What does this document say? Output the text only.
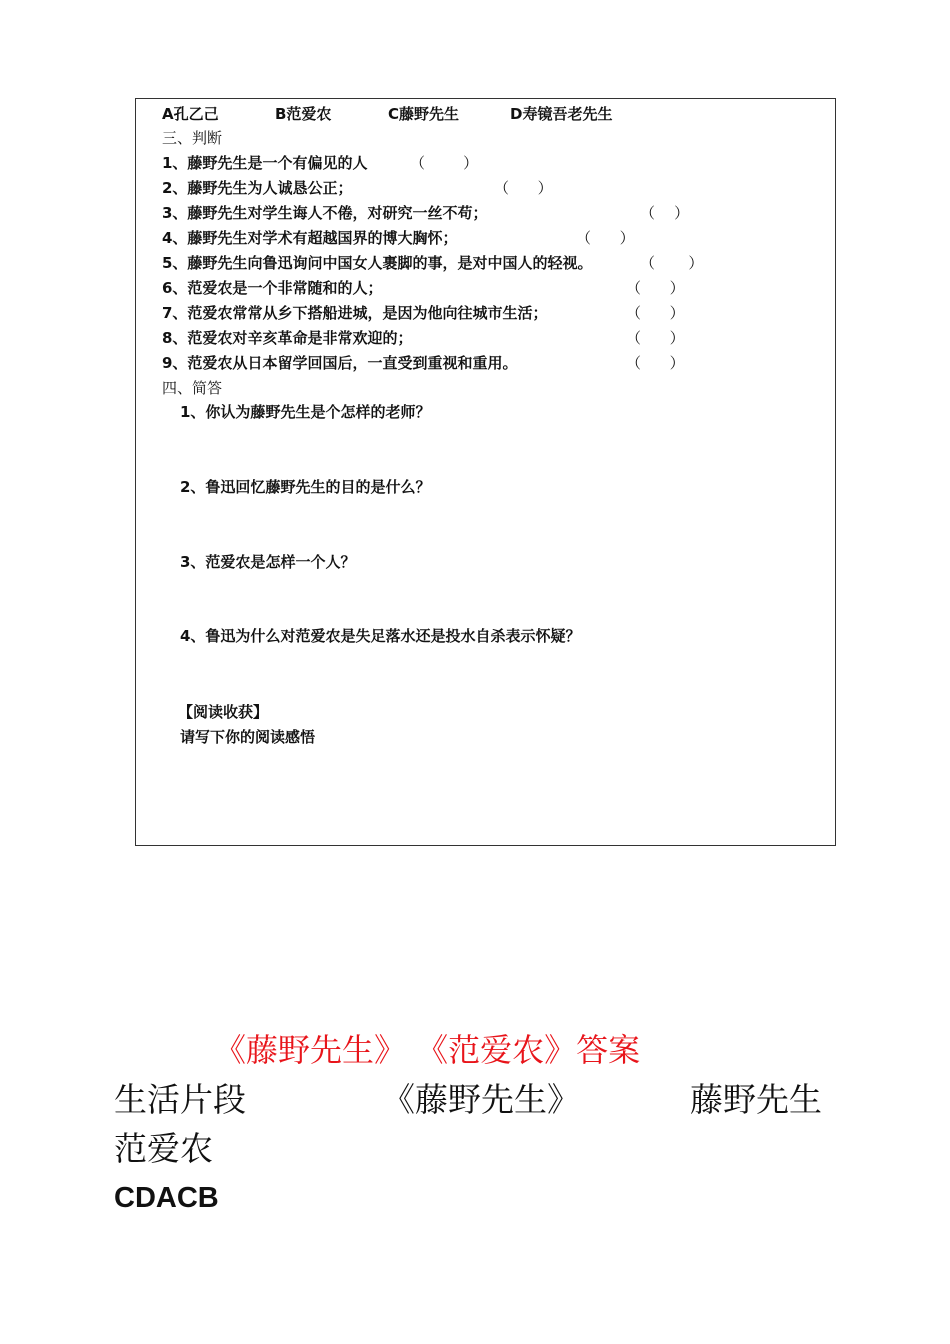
A孔乙己	B范爱农	C藤野先生	D寿镜吾老先生
三、判断
1、藤野先生是一个有偏见的人	（        ）
2、藤野先生为人诚恳公正；	（      ）
3、藤野先生对学生诲人不倦，对研究一丝不苟；	（    ）
4、藤野先生对学术有超越国界的博大胸怀；	（      ）
5、藤野先生向鲁迅询问中国女人裹脚的事，是对中国人的轻视。	（       ）
6、范爱农是一个非常随和的人；	（      ）
7、范爱农常常从乡下搭船进城，是因为他向往城市生活；	（      ）
8、范爱农对辛亥革命是非常欢迎的；	（      ）
9、范爱农从日本留学回国后，一直受到重视和重用。	（      ）
四、简答
1、你认为藤野先生是个怎样的老师？
2、鲁迅回忆藤野先生的目的是什么？
3、范爱农是怎样一个人？
4、鲁迅为什么对范爱农是失足落水还是投水自杀表示怀疑？
【阅读收获】
请写下你的阅读感悟
《藤野先生》 《范爱农》答案
生活片段	《藤野先生》	藤野先生
范爱农
CDACB
